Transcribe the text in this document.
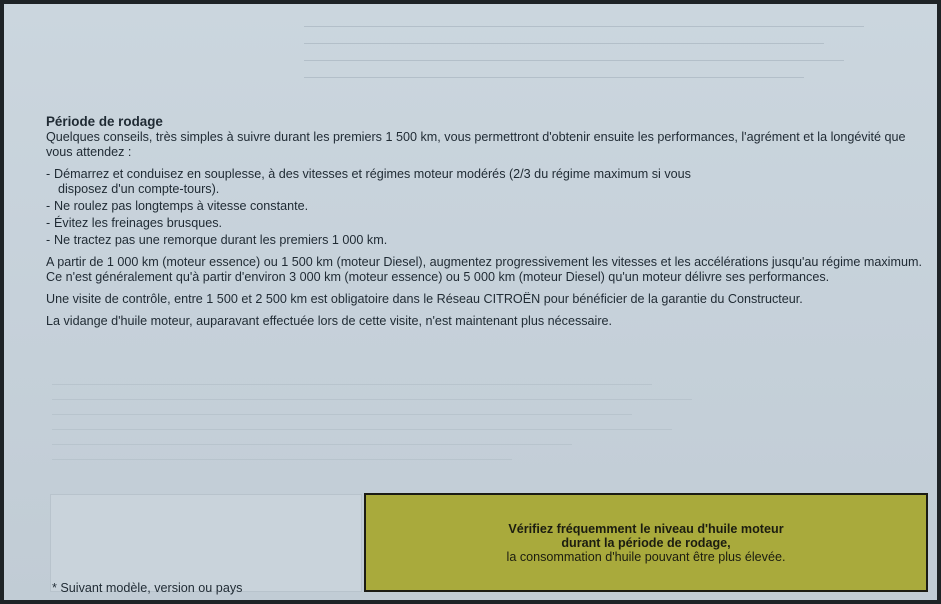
Période de rodage

Quelques conseils, très simples à suivre durant les premiers 1 500 km, vous permettront d'obtenir ensuite les performances, l'agrément et la longévité que vous attendez :

- Démarrez et conduisez en souplesse, à des vitesses et régimes moteur modérés (2/3 du régime maximum si vous
disposez d'un compte-tours).
- Ne roulez pas longtemps à vitesse constante.
- Évitez les freinages brusques.
- Ne tractez pas une remorque durant les premiers 1 000 km.

A partir de 1 000 km (moteur essence) ou 1 500 km (moteur Diesel), augmentez progressivement les vitesses et les accélérations jusqu'au régime maximum. Ce n'est généralement qu'à partir d'environ 3 000 km (moteur essence) ou 5 000 km (moteur Diesel) qu'un moteur délivre ses performances.

Une visite de contrôle, entre 1 500 et 2 500 km est obligatoire dans le Réseau CITROËN pour bénéficier de la garantie du Constructeur.

La vidange d'huile moteur, auparavant effectuée lors de cette visite, n'est maintenant plus nécessaire.

* Suivant modèle, version ou pays
Vérifiez fréquemment le niveau d'huile moteur
durant la période de rodage,
la consommation d'huile pouvant être plus élevée.
